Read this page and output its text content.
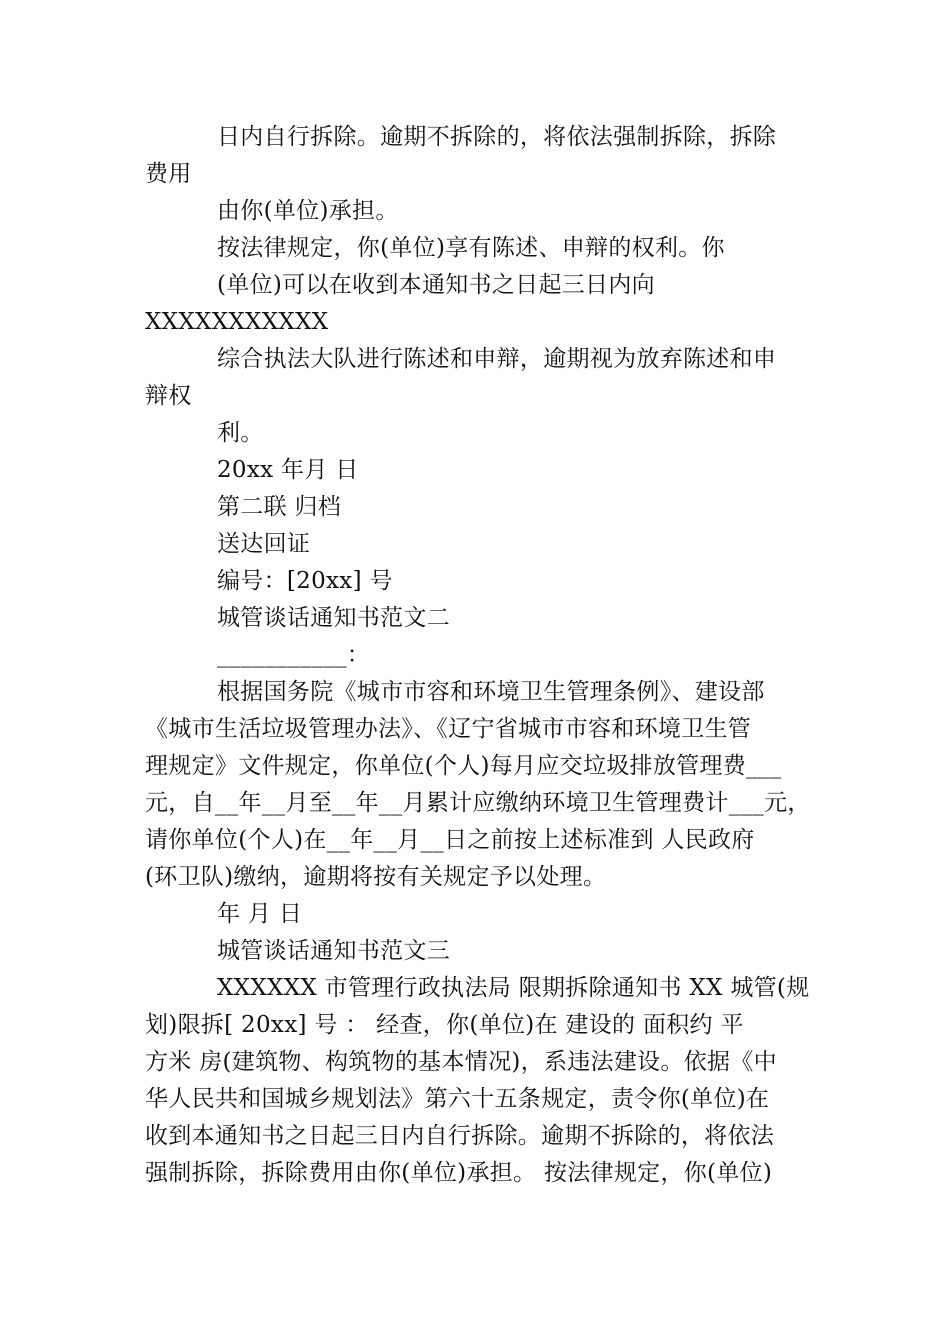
日内自行拆除。逾期不拆除的，将依法强制拆除，拆除
费用
由你(单位)承担。
按法律规定，你(单位)享有陈述、申辩的权利。你
(单位)可以在收到本通知书之日起三日内向
XXXXXXXXXXX
综合执法大队进行陈述和申辩，逾期视为放弃陈述和申
辩权
利。
20xx 年月 日
第二联 归档
送达回证
编号：[20xx] 号
城管谈话通知书范文二
___________：
根据国务院《城市市容和环境卫生管理条例》、建设部
《城市生活垃圾管理办法》、《辽宁省城市市容和环境卫生管
理规定》文件规定，你单位(个人)每月应交垃圾排放管理费___
元，自__年__月至__年__月累计应缴纳环境卫生管理费计___元，
请你单位(个人)在__年__月__日之前按上述标准到 人民政府
(环卫队)缴纳，逾期将按有关规定予以处理。
年 月 日
城管谈话通知书范文三
XXXXXX 市管理行政执法局 限期拆除通知书 XX 城管(规
划)限拆[ 20xx] 号 ： 经查，你(单位)在 建设的 面积约 平
方米 房(建筑物、构筑物的基本情况)，系违法建设。依据《中
华人民共和国城乡规划法》第六十五条规定，责令你(单位)在
收到本通知书之日起三日内自行拆除。逾期不拆除的，将依法
强制拆除，拆除费用由你(单位)承担。 按法律规定，你(单位)
